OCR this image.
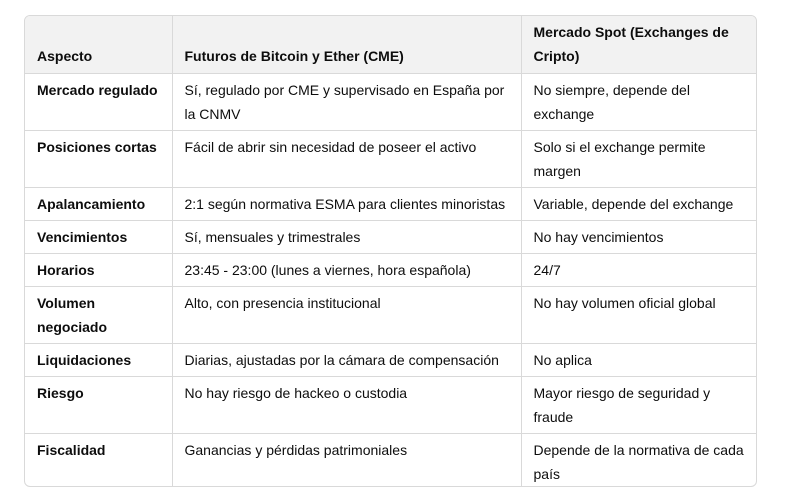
Aspecto	Futuros de Bitcoin y Ether (CME)	Mercado Spot (Exchanges de Cripto)
Mercado regulado	Sí, regulado por CME y supervisado en España por la CNMV	No siempre, depende del exchange
Posiciones cortas	Fácil de abrir sin necesidad de poseer el activo	Solo si el exchange permite margen
Apalancamiento	2:1 según normativa ESMA para clientes minoristas	Variable, depende del exchange
Vencimientos	Sí, mensuales y trimestrales	No hay vencimientos
Horarios	23:45 - 23:00 (lunes a viernes, hora española)	24/7
Volumen negociado	Alto, con presencia institucional	No hay volumen oficial global
Liquidaciones	Diarias, ajustadas por la cámara de compensación	No aplica
Riesgo	No hay riesgo de hackeo o custodia	Mayor riesgo de seguridad y fraude
Fiscalidad	Ganancias y pérdidas patrimoniales	Depende de la normativa de cada país
